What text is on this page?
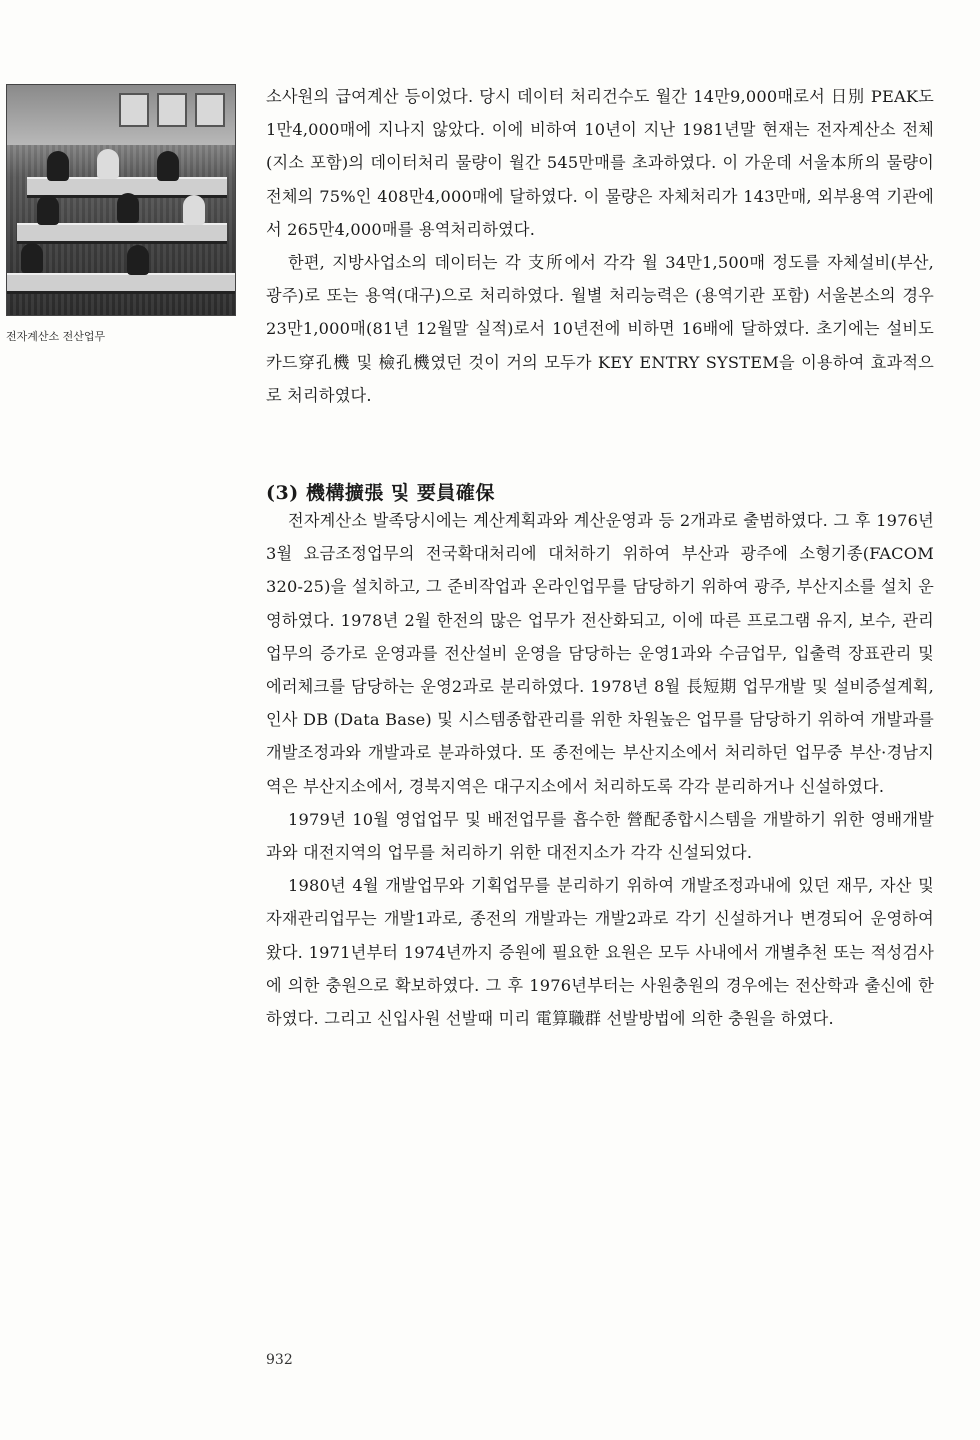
전자계산소 전산업무

소사원의 급여계산 등이었다. 당시 데이터 처리건수도 월간 14만9,000매로서 日別 PEAK도 1만4,000매에 지나지 않았다. 이에 비하여 10년이 지난 1981년말 현재는 전자계산소 전체(지소 포함)의 데이터처리 물량이 월간 545만매를 초과하였다. 이 가운데 서울本所의 물량이 전체의 75%인 408만4,000매에 달하였다. 이 물량은 자체처리가 143만매, 외부용역 기관에서 265만4,000매를 용역처리하였다.

한편, 지방사업소의 데이터는 각 支所에서 각각 월 34만1,500매 정도를 자체설비(부산, 광주)로 또는 용역(대구)으로 처리하였다. 월별 처리능력은 (용역기관 포함) 서울본소의 경우 23만1,000매(81년 12월말 실적)로서 10년전에 비하면 16배에 달하였다. 초기에는 설비도 카드穿孔機 및 檢孔機였던 것이 거의 모두가 KEY ENTRY SYSTEM을 이용하여 효과적으로 처리하였다.

(3) 機構擴張 및 要員確保

전자계산소 발족당시에는 계산계획과와 계산운영과 등 2개과로 출범하였다. 그 후 1976년 3월 요금조정업무의 전국확대처리에 대처하기 위하여 부산과 광주에 소형기종(FACOM 320-25)을 설치하고, 그 준비작업과 온라인업무를 담당하기 위하여 광주, 부산지소를 설치 운영하였다. 1978년 2월 한전의 많은 업무가 전산화되고, 이에 따른 프로그램 유지, 보수, 관리업무의 증가로 운영과를 전산설비 운영을 담당하는 운영1과와 수금업무, 입출력 장표관리 및 에러체크를 담당하는 운영2과로 분리하였다. 1978년 8월 長短期 업무개발 및 설비증설계획, 인사 DB (Data Base) 및 시스템종합관리를 위한 차원높은 업무를 담당하기 위하여 개발과를 개발조정과와 개발과로 분과하였다. 또 종전에는 부산지소에서 처리하던 업무중 부산·경남지역은 부산지소에서, 경북지역은 대구지소에서 처리하도록 각각 분리하거나 신설하였다.

1979년 10월 영업업무 및 배전업무를 흡수한 營配종합시스템을 개발하기 위한 영배개발과와 대전지역의 업무를 처리하기 위한 대전지소가 각각 신설되었다.

1980년 4월 개발업무와 기획업무를 분리하기 위하여 개발조정과내에 있던 재무, 자산 및 자재관리업무는 개발1과로, 종전의 개발과는 개발2과로 각기 신설하거나 변경되어 운영하여 왔다. 1971년부터 1974년까지 증원에 필요한 요원은 모두 사내에서 개별추천 또는 적성검사에 의한 충원으로 확보하였다. 그 후 1976년부터는 사원충원의 경우에는 전산학과 출신에 한하였다. 그리고 신입사원 선발때 미리 電算職群 선발방법에 의한 충원을 하였다.

932
